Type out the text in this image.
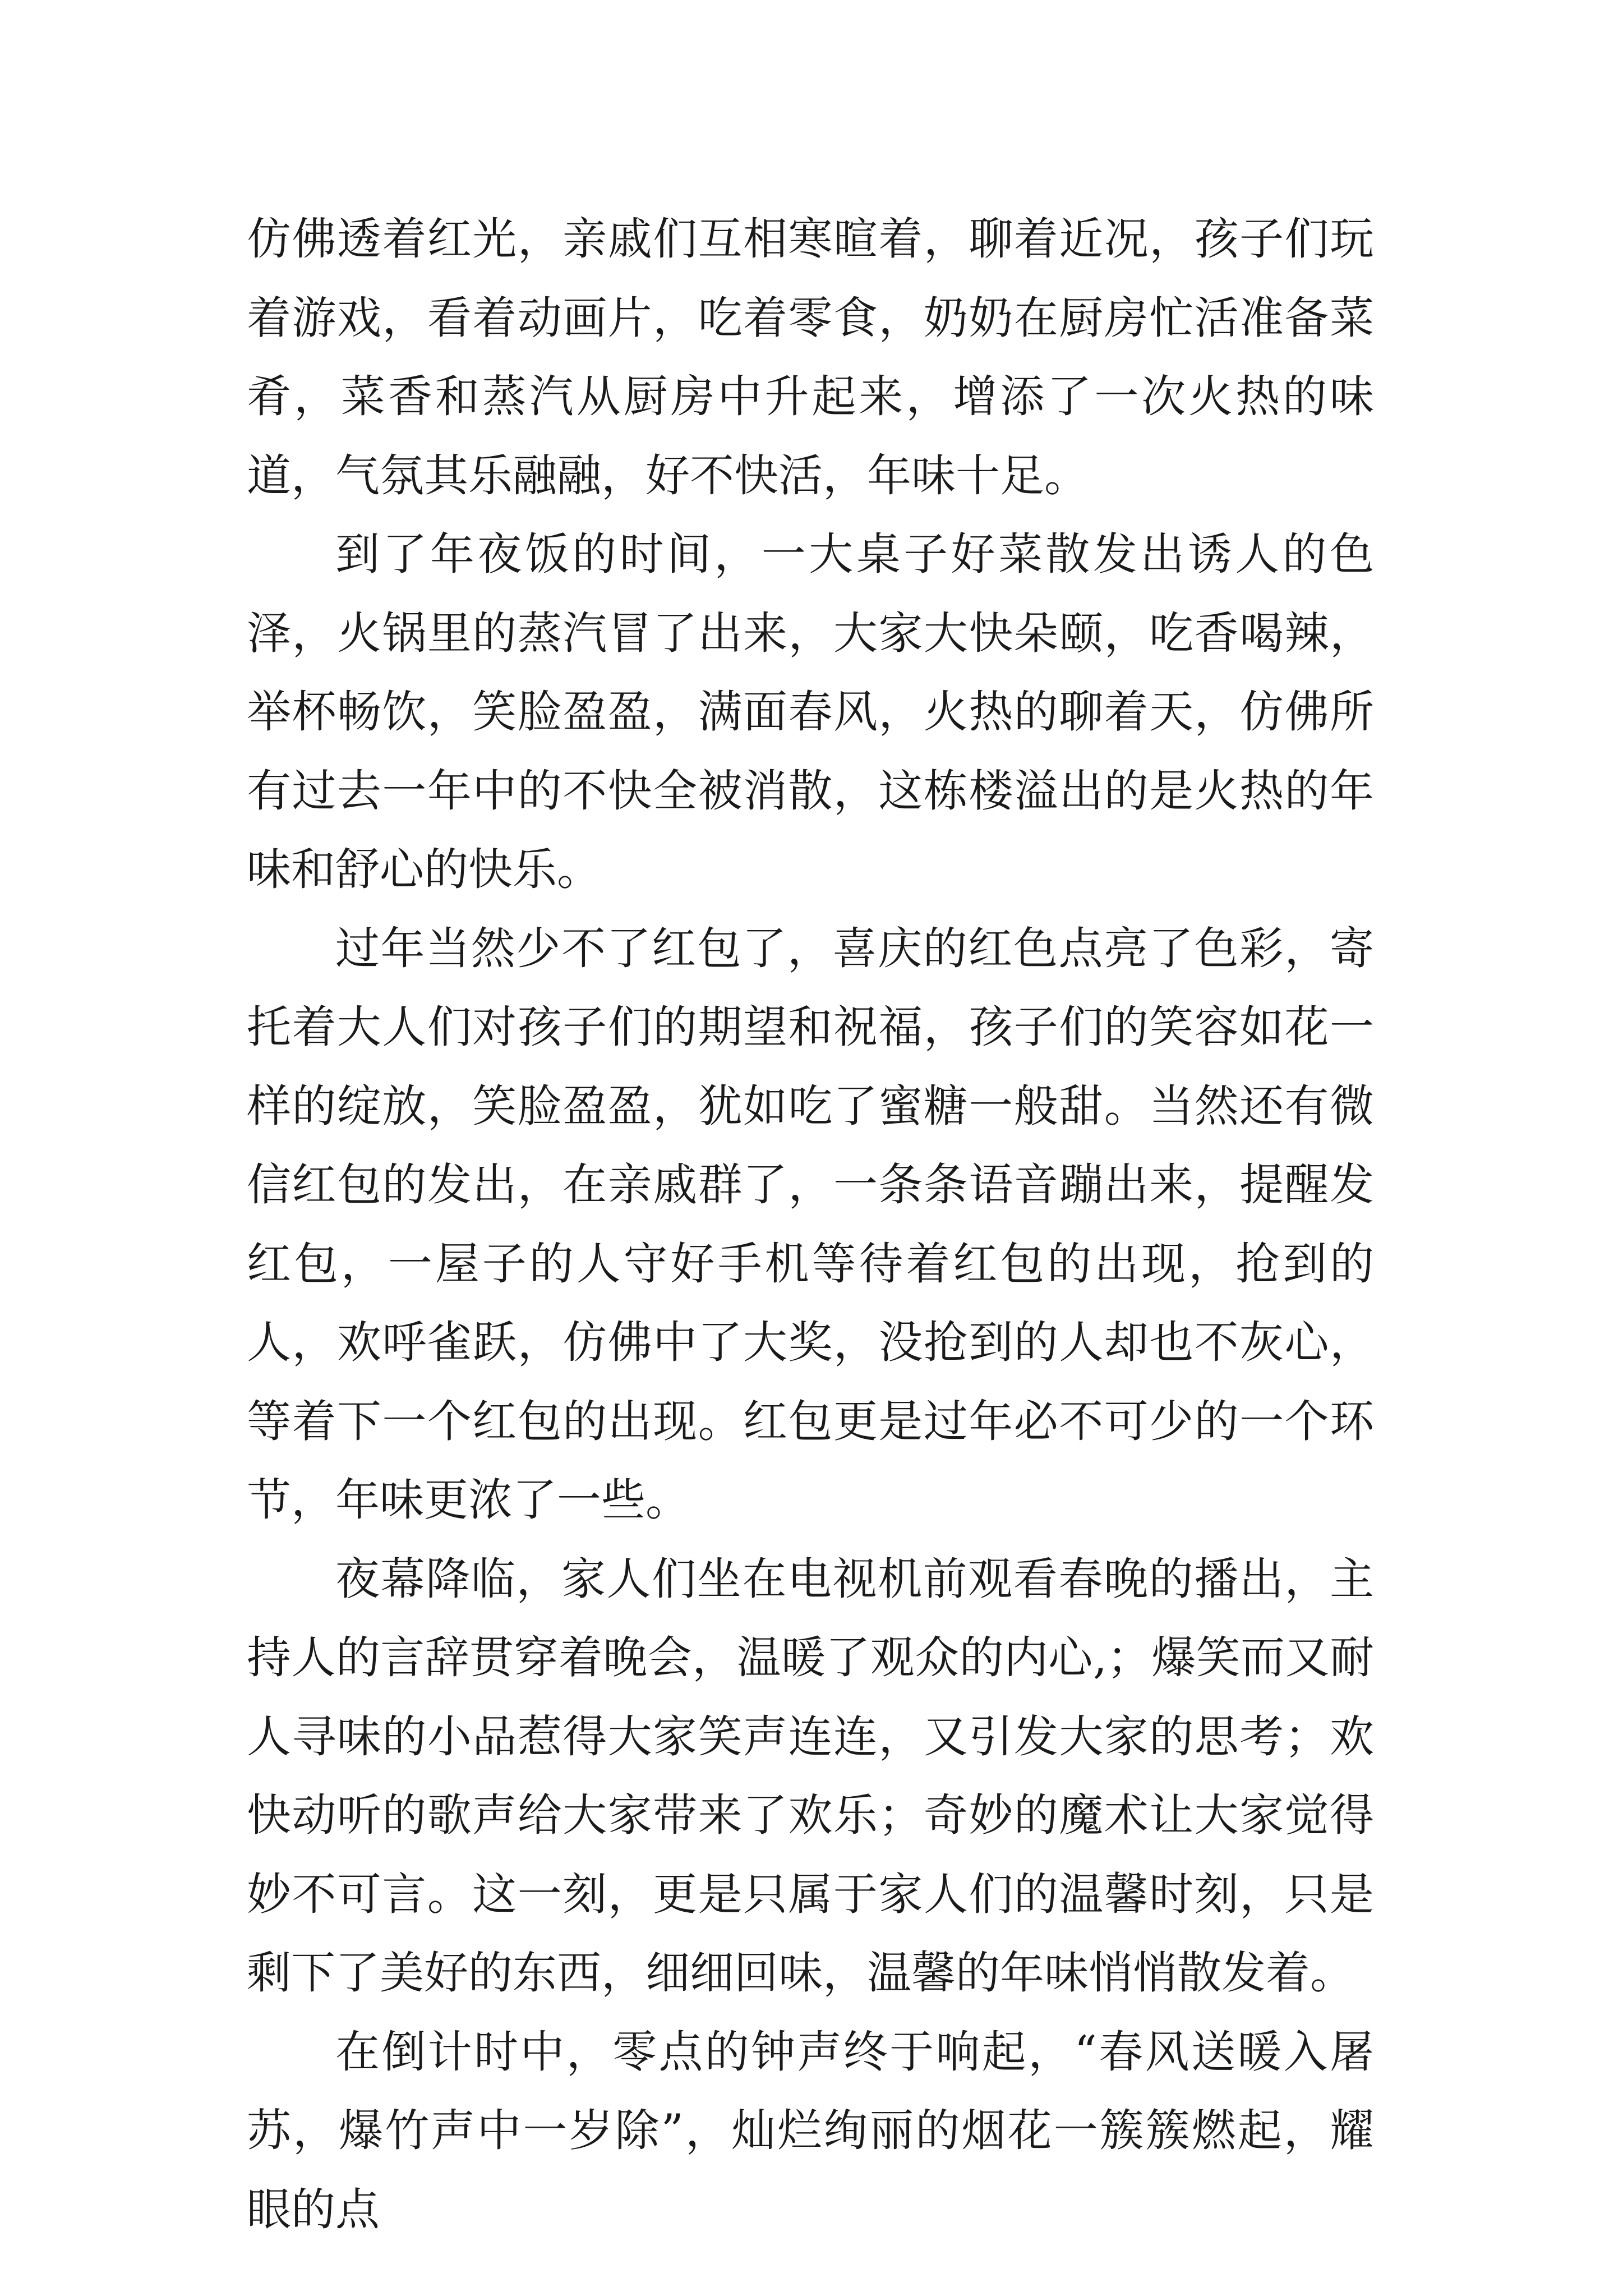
仿佛透着红光，亲戚们互相寒暄着，聊着近况，孩子们玩着游戏，看着动画片，吃着零食，奶奶在厨房忙活准备菜肴，菜香和蒸汽从厨房中升起来，增添了一次火热的味道，气氛其乐融融，好不快活，年味十足。

到了年夜饭的时间，一大桌子好菜散发出诱人的色泽，火锅里的蒸汽冒了出来，大家大快朵颐，吃香喝辣，举杯畅饮，笑脸盈盈，满面春风，火热的聊着天，仿佛所有过去一年中的不快全被消散，这栋楼溢出的是火热的年味和舒心的快乐。

过年当然少不了红包了，喜庆的红色点亮了色彩，寄托着大人们对孩子们的期望和祝福，孩子们的笑容如花一样的绽放，笑脸盈盈，犹如吃了蜜糖一般甜。当然还有微信红包的发出，在亲戚群了，一条条语音蹦出来，提醒发红包，一屋子的人守好手机等待着红包的出现，抢到的人，欢呼雀跃，仿佛中了大奖，没抢到的人却也不灰心，等着下一个红包的出现。红包更是过年必不可少的一个环节，年味更浓了一些。

夜幕降临，家人们坐在电视机前观看春晚的播出，主持人的言辞贯穿着晚会，温暖了观众的内心,；爆笑而又耐人寻味的小品惹得大家笑声连连，又引发大家的思考；欢快动听的歌声给大家带来了欢乐；奇妙的魔术让大家觉得妙不可言。这一刻，更是只属于家人们的温馨时刻，只是剩下了美好的东西，细细回味，温馨的年味悄悄散发着。

在倒计时中，零点的钟声终于响起，“春风送暖入屠苏，爆竹声中一岁除”，灿烂绚丽的烟花一簇簇燃起，耀眼的点
